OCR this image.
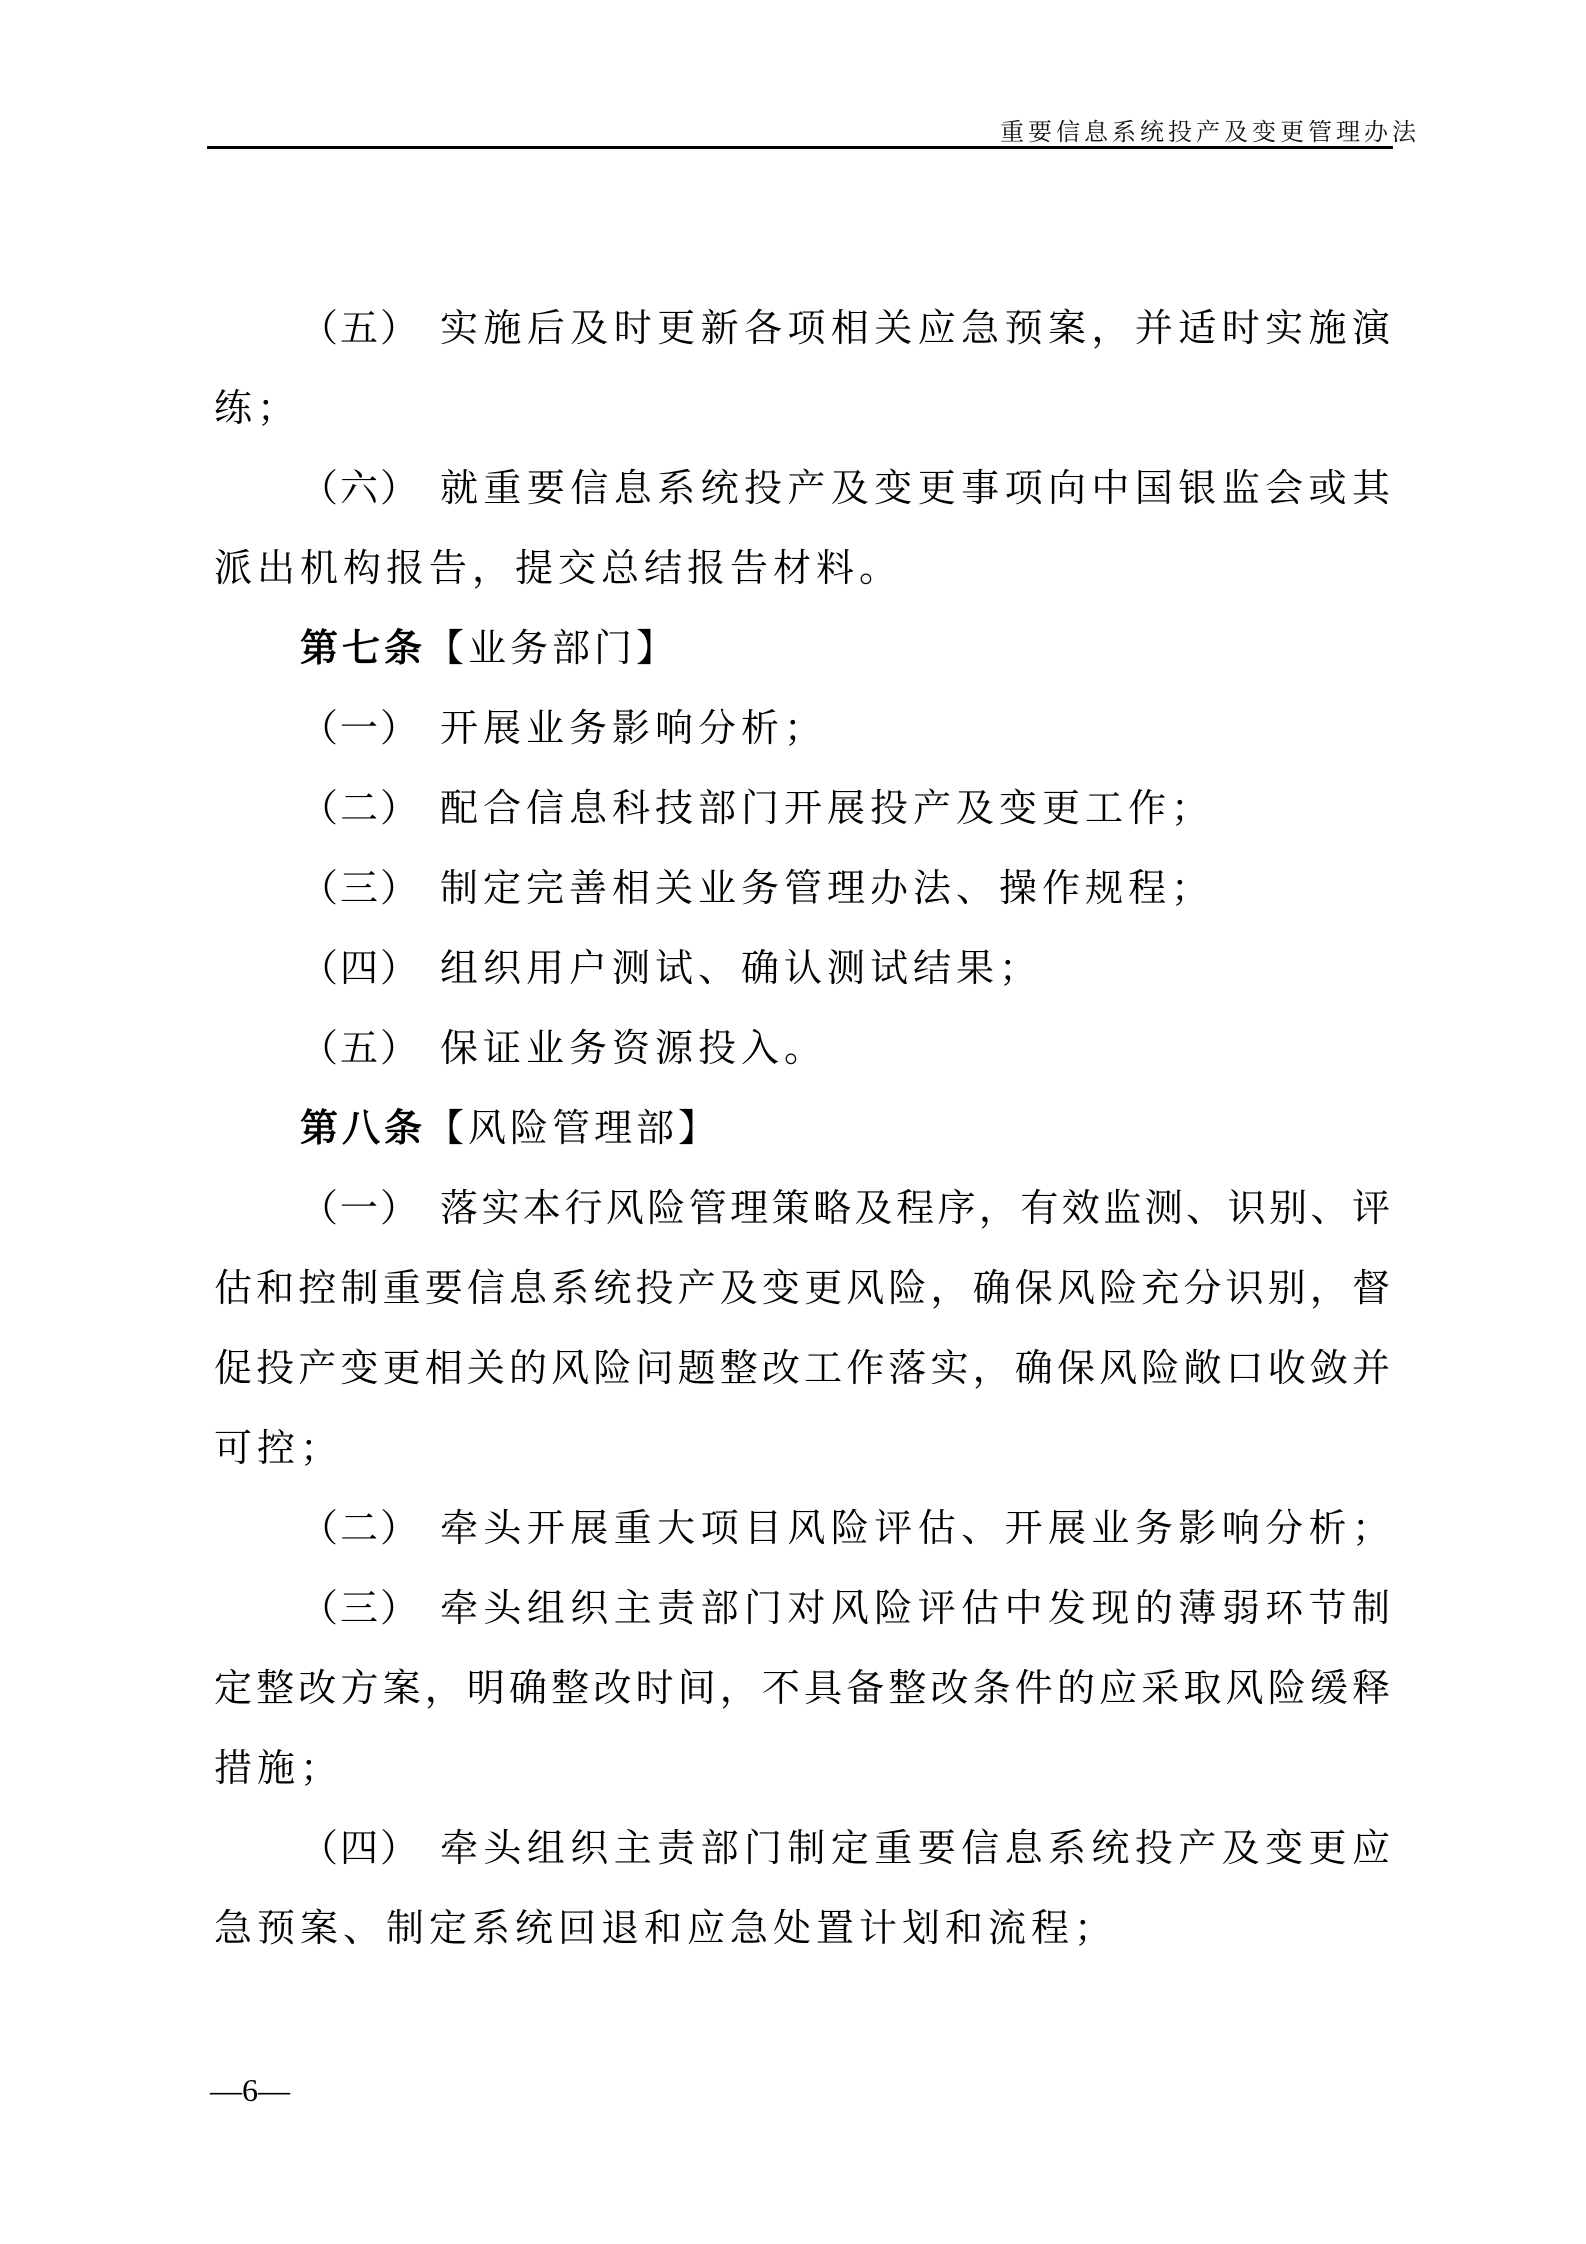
重要信息系统投产及变更管理办法
（五） 实施后及时更新各项相关应急预案，并适时实施演
练；
（六） 就重要信息系统投产及变更事项向中国银监会或其
派出机构报告，提交总结报告材料。
第七条【业务部门】
（一） 开展业务影响分析；
（二） 配合信息科技部门开展投产及变更工作；
（三） 制定完善相关业务管理办法、操作规程；
（四） 组织用户测试、确认测试结果；
（五） 保证业务资源投入。
第八条【风险管理部】
（一） 落实本行风险管理策略及程序，有效监测、识别、评
估和控制重要信息系统投产及变更风险，确保风险充分识别，督
促投产变更相关的风险问题整改工作落实，确保风险敞口收敛并
可控；
（二） 牵头开展重大项目风险评估、开展业务影响分析；
（三） 牵头组织主责部门对风险评估中发现的薄弱环节制
定整改方案，明确整改时间，不具备整改条件的应采取风险缓释
措施；
（四） 牵头组织主责部门制定重要信息系统投产及变更应
急预案、制定系统回退和应急处置计划和流程；
—6—
